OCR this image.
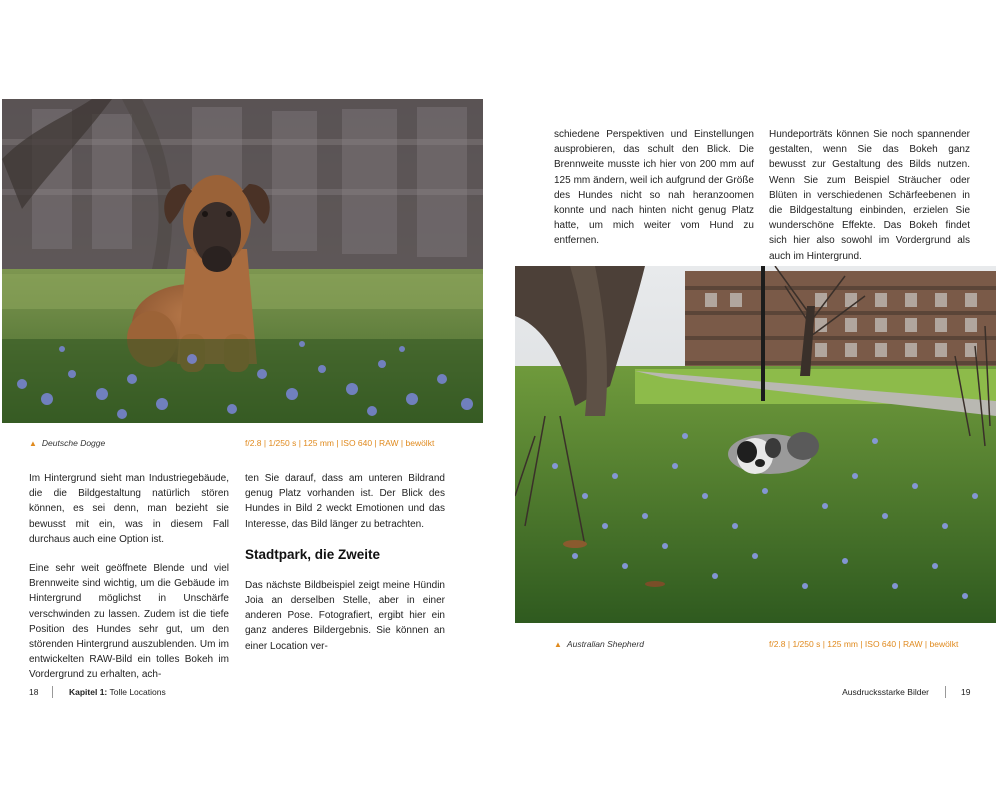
▲ Deutsche Dogge	f/2.8 | 1/250 s | 125 mm | ISO 640 | RAW | bewölkt

Im Hintergrund sieht man Industriegebäude, die die Bildgestaltung natürlich stören können, es sei denn, man bezieht sie bewusst mit ein, was in diesem Fall durchaus auch eine Option ist.

Eine sehr weit geöffnete Blende und viel Brennweite sind wichtig, um die Gebäude im Hintergrund möglichst in Unschärfe verschwinden zu lassen. Zudem ist die tiefe Position des Hundes sehr gut, um den störenden Hintergrund auszublenden. Um im entwickelten RAW-Bild ein tolles Bokeh im Vordergrund zu erhalten, ach-

ten Sie darauf, dass am unteren Bildrand genug Platz vorhanden ist. Der Blick des Hundes in Bild 2 weckt Emotionen und das Interesse, das Bild länger zu betrachten.

Stadtpark, die Zweite

Das nächste Bildbeispiel zeigt meine Hündin Joia an derselben Stelle, aber in einer anderen Pose. Fotografiert, ergibt hier ein ganz anderes Bildergebnis. Sie können an einer Location ver-

18	Kapitel 1: Tolle Locations

schiedene Perspektiven und Einstellungen ausprobieren, das schult den Blick. Die Brennweite musste ich hier von 200 mm auf 125 mm ändern, weil ich aufgrund der Größe des Hundes nicht so nah heranzoomen konnte und nach hinten nicht genug Platz hatte, um mich weiter vom Hund zu entfernen.

Hundeporträts können Sie noch spannender gestalten, wenn Sie das Bokeh ganz bewusst zur Gestaltung des Bilds nutzen. Wenn Sie zum Beispiel Sträucher oder Blüten in verschiedenen Schärfeebenen in die Bildgestaltung einbinden, erzielen Sie wunderschöne Effekte. Das Bokeh findet sich hier also sowohl im Vordergrund als auch im Hintergrund.

▲ Australian Shepherd	f/2.8 | 1/250 s | 125 mm | ISO 640 | RAW | bewölkt
Ausdrucksstarke Bilder	19
